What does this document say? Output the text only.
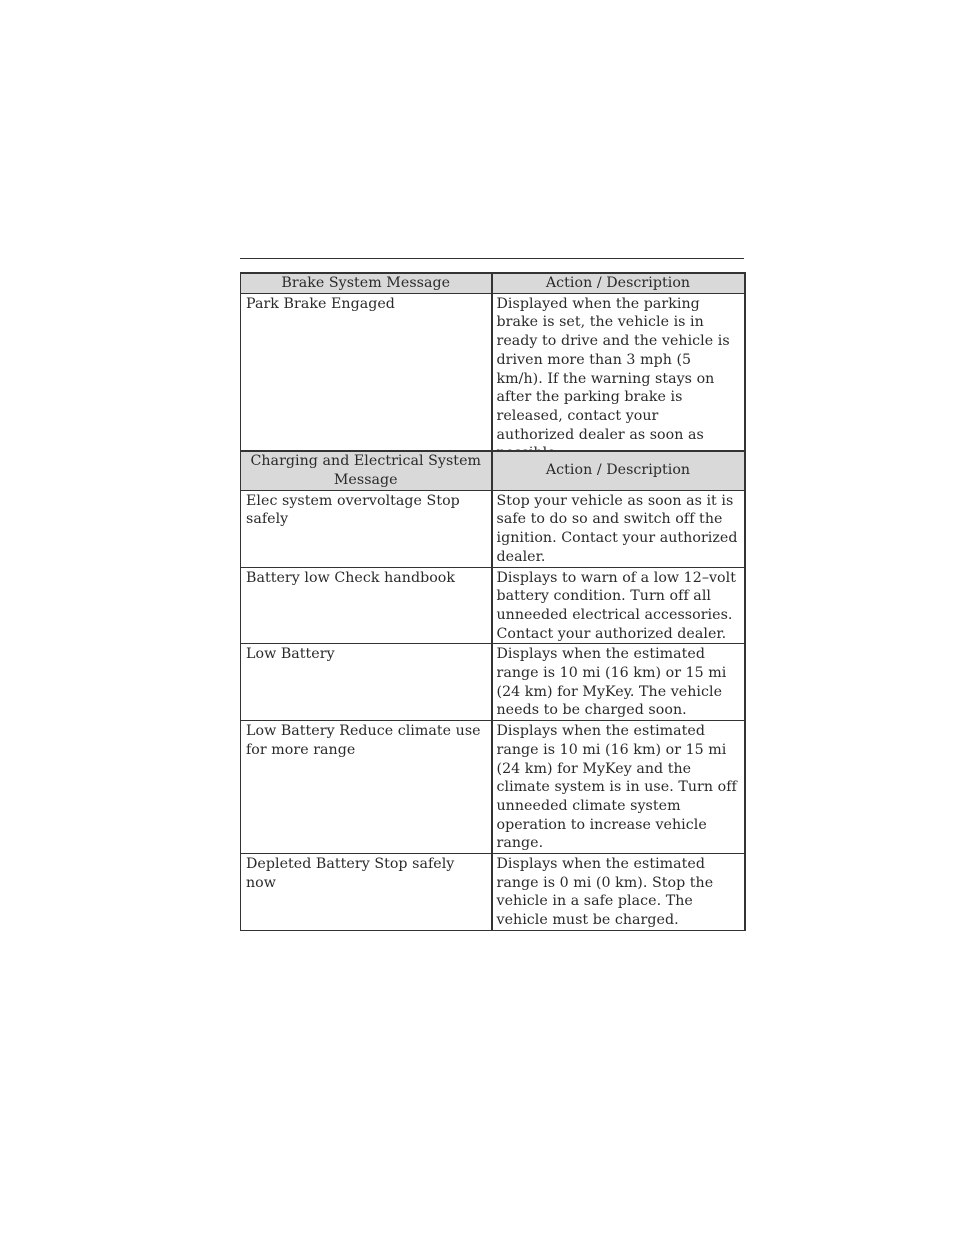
Brake System Message	Action / Description
Park Brake Engaged	Displayed when the parking brake is set, the vehicle is in ready to drive and the vehicle is driven more than 3 mph (5 km/h). If the warning stays on after the parking brake is released, contact your authorized dealer as soon as
Charging and Electrical System Message	Action / Description
Elec system overvoltage Stop safely	Stop your vehicle as soon as it is safe to do so and switch off the ignition. Contact your authorized dealer.
Battery low Check handbook	Displays to warn of a low 12–volt battery condition. Turn off all unneeded electrical accessories. Contact your authorized dealer.
Low Battery	Displays when the estimated range is 10 mi (16 km) or 15 mi (24 km) for MyKey. The vehicle needs to be charged soon.
Low Battery Reduce climate use for more range	Displays when the estimated range is 10 mi (16 km) or 15 mi (24 km) for MyKey and the climate system is in use. Turn off unneeded climate system operation to increase vehicle range.
Depleted Battery Stop safely now	Displays when the estimated range is 0 mi (0 km). Stop the vehicle in a safe place. The vehicle must be charged.
